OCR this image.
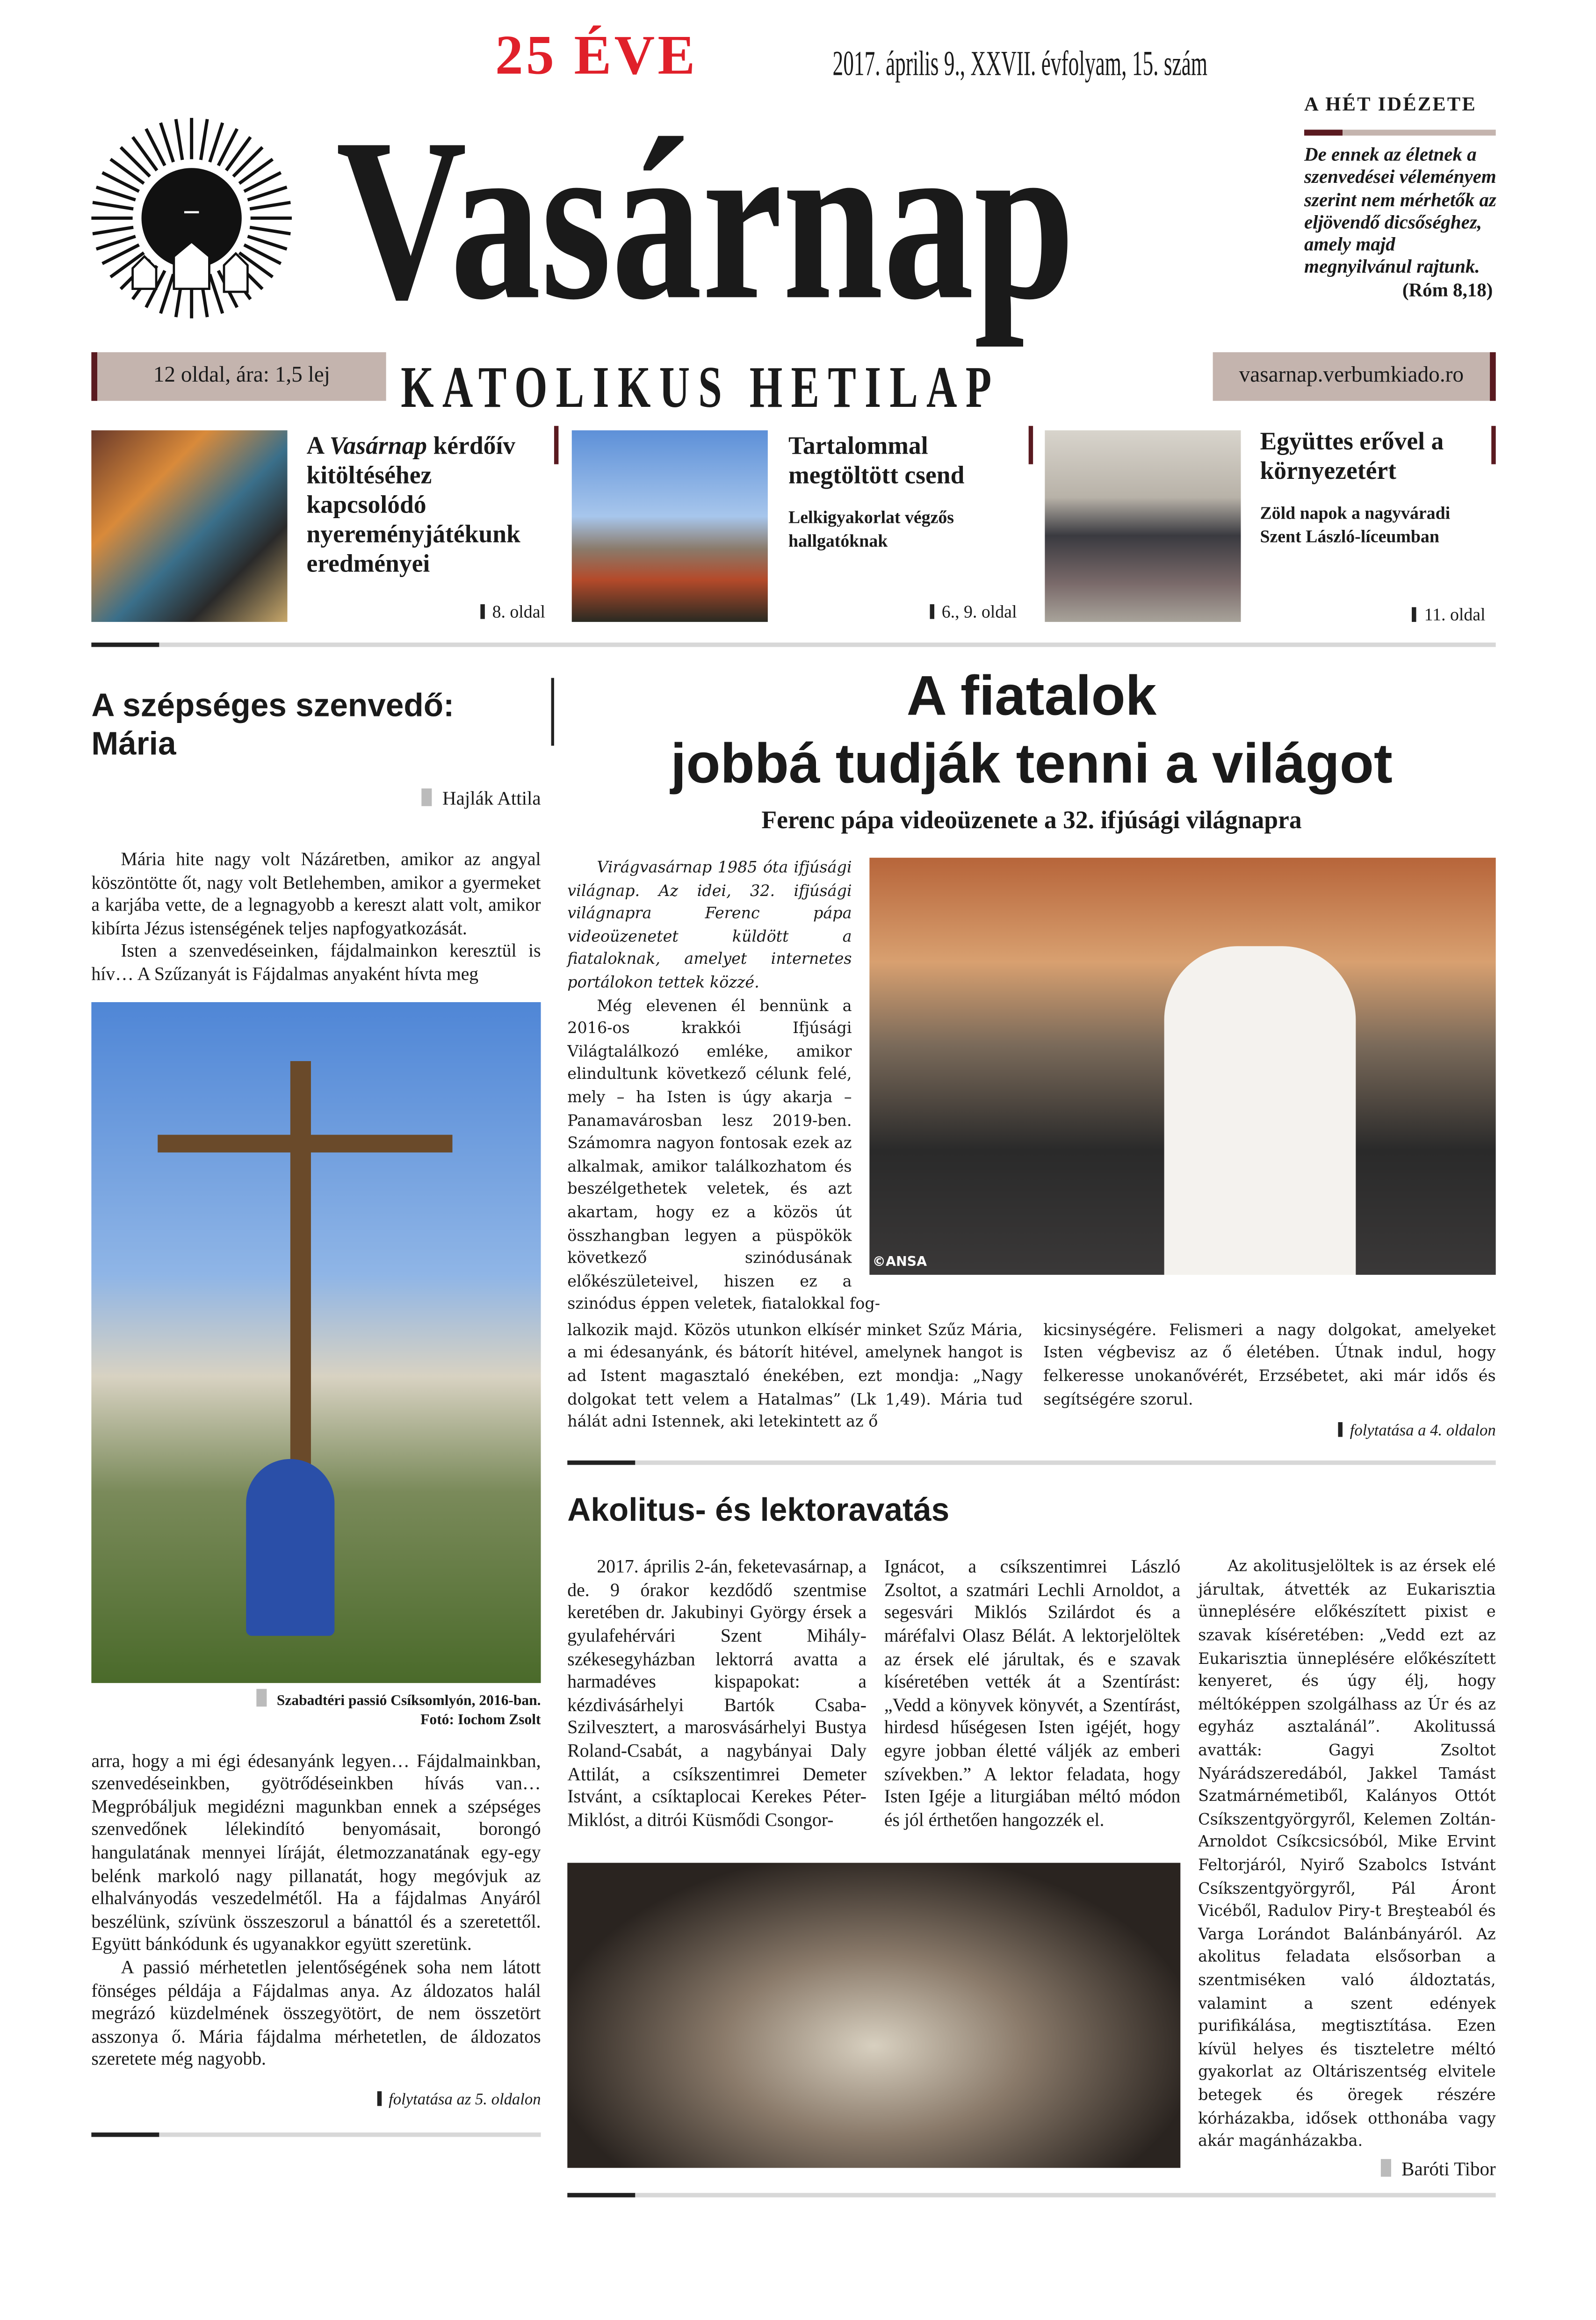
25 ÉVE	2017. április 9., XXVII. évfolyam, 15. szám
Vasárnap
KATOLIKUS HETILAP
12 oldal, ára: 1,5 lej	vasarnap.verbumkiado.ro
A HÉT IDÉZETE
De ennek az életnek a szenvedései véleményem szerint nem mérhetők az eljövendő dicsőséghez, amely majd megnyilvánul rajtunk.
(Róm 8,18)
A Vasárnap kérdőív kitöltéséhez kapcsolódó nyereményjátékunk eredményei
8. oldal
Tartalommal megtöltött csend
Lelkigyakorlat végzős hallgatóknak
6., 9. oldal
Együttes erővel a környezetért
Zöld napok a nagyváradi Szent László-líceumban
11. oldal
A szépséges szenvedő: Mária
Hajlák Attila

Mária hite nagy volt Názáretben, amikor az angyal köszöntötte őt, nagy volt Betlehemben, amikor a gyermeket a karjába vette, de a legnagyobb a kereszt alatt volt, amikor kibírta Jézus istenségének teljes napfogyatkozását.

Isten a szenvedéseinken, fájdalmainkon keresztül is hív… A Szűzanyát is Fájdalmas anyaként hívta meg

Szabadtéri passió Csíksomlyón, 2016-ban.
Fotó: Iochom Zsolt

arra, hogy a mi égi édesanyánk legyen… Fájdalmainkban, szenvedéseinkben, gyötrődéseinkben hívás van… Megpróbáljuk megidézni magunkban ennek a szépséges szenvedőnek lélekindító benyomásait, borongó hangulatának mennyei líráját, életmozzanatának egy-egy belénk markoló nagy pillanatát, hogy megóvjuk az elhalványodás veszedelmétől. Ha a fájdalmas Anyáról beszélünk, szívünk összeszorul a bánattól és a szeretettől. Együtt bánkódunk és ugyanakkor együtt szeretünk.

A passió mérhetetlen jelentőségének soha nem látott fönséges példája a Fájdalmas anya. Az áldozatos halál megrázó küzdelmének összegyötört, de nem összetört asszonya ő. Mária fájdalma mérhetetlen, de áldozatos szeretete még nagyobb.

folytatása az 5. oldalon
A fiatalok
jobbá tudják tenni a világot
Ferenc pápa videoüzenete a 32. ifjúsági világnapra
©ANSA

Virágvasárnap 1985 óta ifjúsági világnap. Az idei, 32. ifjúsági világnapra Ferenc pápa videoüzenetet küldött a fiataloknak, amelyet internetes portálokon tettek közzé.

Még elevenen él bennünk a 2016-os krakkói Ifjúsági Világtalálkozó emléke, amikor elindultunk következő célunk felé, mely – ha Isten is úgy akarja – Panamavárosban lesz 2019-ben. Számomra nagyon fontosak ezek az alkalmak, amikor találkozhatom és beszélgethetek veletek, és azt akartam, hogy ez a közös út összhangban legyen a püspökök következő szinódusának előkészületeivel, hiszen ez a szinódus éppen veletek, fiatalokkal fog-

lalkozik majd. Közös utunkon elkísér minket Szűz Mária, a mi édesanyánk, és bátorít hitével, amelynek hangot is ad Istent magasztaló énekében, ezt mondja: „Nagy dolgokat tett velem a Hatalmas” (Lk 1,49). Mária tud hálát adni Istennek, aki letekintett az ő

kicsinységére. Felismeri a nagy dolgokat, amelyeket Isten végbevisz az ő életében. Útnak indul, hogy felkeresse unokanővérét, Erzsébetet, aki már idős és segítségére szorul.

folytatása a 4. oldalon
Akolitus- és lektoravatás

2017. április 2-án, feketevasárnap, a de. 9 órakor kezdődő szentmise keretében dr. Jakubinyi György érsek a gyulafehérvári Szent Mihály-székesegyházban lektorrá avatta a harmadéves kispapokat: a kézdivásárhelyi Bartók Csaba-Szilvesztert, a marosvásárhelyi Bustya Roland-Csabát, a nagybányai Daly Attilát, a csíkszentimrei Demeter Istvánt, a csíktaplocai Kerekes Péter-Miklóst, a ditrói Küsmődi Csongor-

Ignácot, a csíkszentimrei László Zsoltot, a szatmári Lechli Arnoldot, a segesvári Miklós Szilárdot és a máréfalvi Olasz Bélát. A lektorjelöltek az érsek elé járultak, és e szavak kíséretében vették át a Szentírást: „Vedd a könyvek könyvét, a Szentírást, hirdesd hűségesen Isten igéjét, hogy egyre jobban életté váljék az emberi szívekben.” A lektor feladata, hogy Isten Igéje a liturgiában méltó módon és jól érthetően hangozzék el.

Az akolitusjelöltek is az érsek elé járultak, átvették az Eukarisztia ünneplésére előkészített pixist e szavak kíséretében: „Vedd ezt az Eukarisztia ünneplésére előkészített kenyeret, és úgy élj, hogy méltóképpen szolgálhass az Úr és az egyház asztalánál”. Akolitussá avatták: Gagyi Zsoltot Nyárádszeredából, Jakkel Tamást Szatmárnémetiből, Kalányos Ottót Csíkszentgyörgyről, Kelemen Zoltán-Arnoldot Csíkcsicsóból, Mike Ervint Feltorjáról, Nyirő Szabolcs Istvánt Csíkszentgyörgyről, Pál Áront Vicéből, Radulov Piry-t Breşteaból és Varga Lorándot Balánbányáról. Az akolitus feladata elsősorban a szentmiséken való áldoztatás, valamint a szent edények purifikálása, megtisztítása. Ezen kívül helyes és tiszteletre méltó gyakorlat az Oltáriszentség elvitele betegek és öregek részére kórházakba, idősek otthonába vagy akár magánházakba.

Baróti Tibor
